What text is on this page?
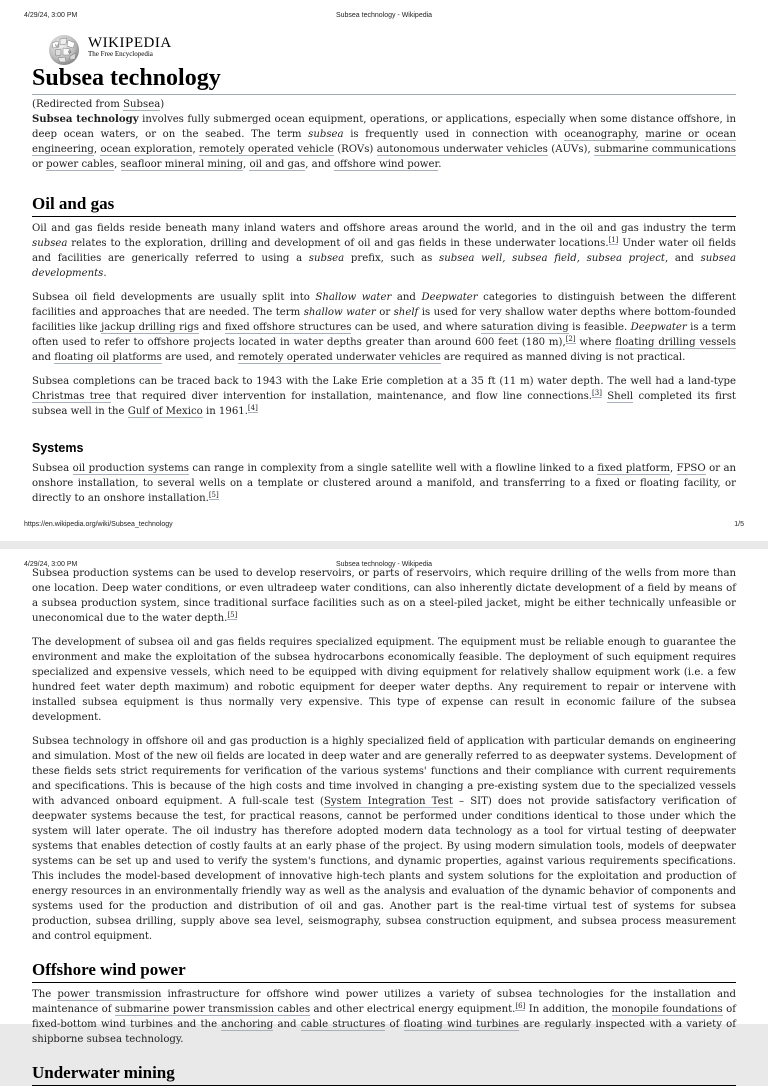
4/29/24, 3:00 PM	Subsea technology - Wikipedia
W
Ω
WIKIPEDIA
The Free Encyclopedia
https://en.wikipedia.org/wiki/Subsea_technology	1/5
4/29/24, 3:00 PM	Subsea technology - Wikipedia
Subsea technology

(Redirected from Subsea)

Subsea technology involves fully submerged ocean equipment, operations, or applications, especially when some distance offshore, in deep ocean waters, or on the seabed. The term subsea is frequently used in connection with oceanography, marine or ocean engineering, ocean exploration, remotely operated vehicle (ROVs) autonomous underwater vehicles (AUVs), submarine communications or power cables, seafloor mineral mining, oil and gas, and offshore wind power.

Oil and gas

Oil and gas fields reside beneath many inland waters and offshore areas around the world, and in the oil and gas industry the term subsea relates to the exploration, drilling and development of oil and gas fields in these underwater locations.[1] Under water oil fields and facilities are generically referred to using a subsea prefix, such as subsea well, subsea field, subsea project, and subsea developments.

Subsea oil field developments are usually split into Shallow water and Deepwater categories to distinguish between the different facilities and approaches that are needed. The term shallow water or shelf is used for very shallow water depths where bottom-founded facilities like jackup drilling rigs and fixed offshore structures can be used, and where saturation diving is feasible. Deepwater is a term often used to refer to offshore projects located in water depths greater than around 600 feet (180 m),[2] where floating drilling vessels and floating oil platforms are used, and remotely operated underwater vehicles are required as manned diving is not practical.

Subsea completions can be traced back to 1943 with the Lake Erie completion at a 35 ft (11 m) water depth. The well had a land-type Christmas tree that required diver intervention for installation, maintenance, and flow line connections.[3] Shell completed its first subsea well in the Gulf of Mexico in 1961.[4]

Systems

Subsea oil production systems can range in complexity from a single satellite well with a flowline linked to a fixed platform, FPSO or an onshore installation, to several wells on a template or clustered around a manifold, and transferring to a fixed or floating facility, or directly to an onshore installation.[5]

Subsea production systems can be used to develop reservoirs, or parts of reservoirs, which require drilling of the wells from more than one location. Deep water conditions, or even ultradeep water conditions, can also inherently dictate development of a field by means of a subsea production system, since traditional surface facilities such as on a steel-piled jacket, might be either technically unfeasible or uneconomical due to the water depth.[5]

The development of subsea oil and gas fields requires specialized equipment. The equipment must be reliable enough to guarantee the environment and make the exploitation of the subsea hydrocarbons economically feasible. The deployment of such equipment requires specialized and expensive vessels, which need to be equipped with diving equipment for relatively shallow equipment work (i.e. a few hundred feet water depth maximum) and robotic equipment for deeper water depths. Any requirement to repair or intervene with installed subsea equipment is thus normally very expensive. This type of expense can result in economic failure of the subsea development.

Subsea technology in offshore oil and gas production is a highly specialized field of application with particular demands on engineering and simulation. Most of the new oil fields are located in deep water and are generally referred to as deepwater systems. Development of these fields sets strict requirements for verification of the various systems' functions and their compliance with current requirements and specifications. This is because of the high costs and time involved in changing a pre-existing system due to the specialized vessels with advanced onboard equipment. A full-scale test (System Integration Test – SIT) does not provide satisfactory verification of deepwater systems because the test, for practical reasons, cannot be performed under conditions identical to those under which the system will later operate. The oil industry has therefore adopted modern data technology as a tool for virtual testing of deepwater systems that enables detection of costly faults at an early phase of the project. By using modern simulation tools, models of deepwater systems can be set up and used to verify the system's functions, and dynamic properties, against various requirements specifications. This includes the model-based development of innovative high-tech plants and system solutions for the exploitation and production of energy resources in an environmentally friendly way as well as the analysis and evaluation of the dynamic behavior of components and systems used for the production and distribution of oil and gas. Another part is the real-time virtual test of systems for subsea production, subsea drilling, supply above sea level, seismography, subsea construction equipment, and subsea process measurement and control equipment.

Offshore wind power

The power transmission infrastructure for offshore wind power utilizes a variety of subsea technologies for the installation and maintenance of submarine power transmission cables and other electrical energy equipment.[6] In addition, the monopile foundations of fixed-bottom wind turbines and the anchoring and cable structures of floating wind turbines are regularly inspected with a variety of shipborne subsea technology.

Underwater mining
